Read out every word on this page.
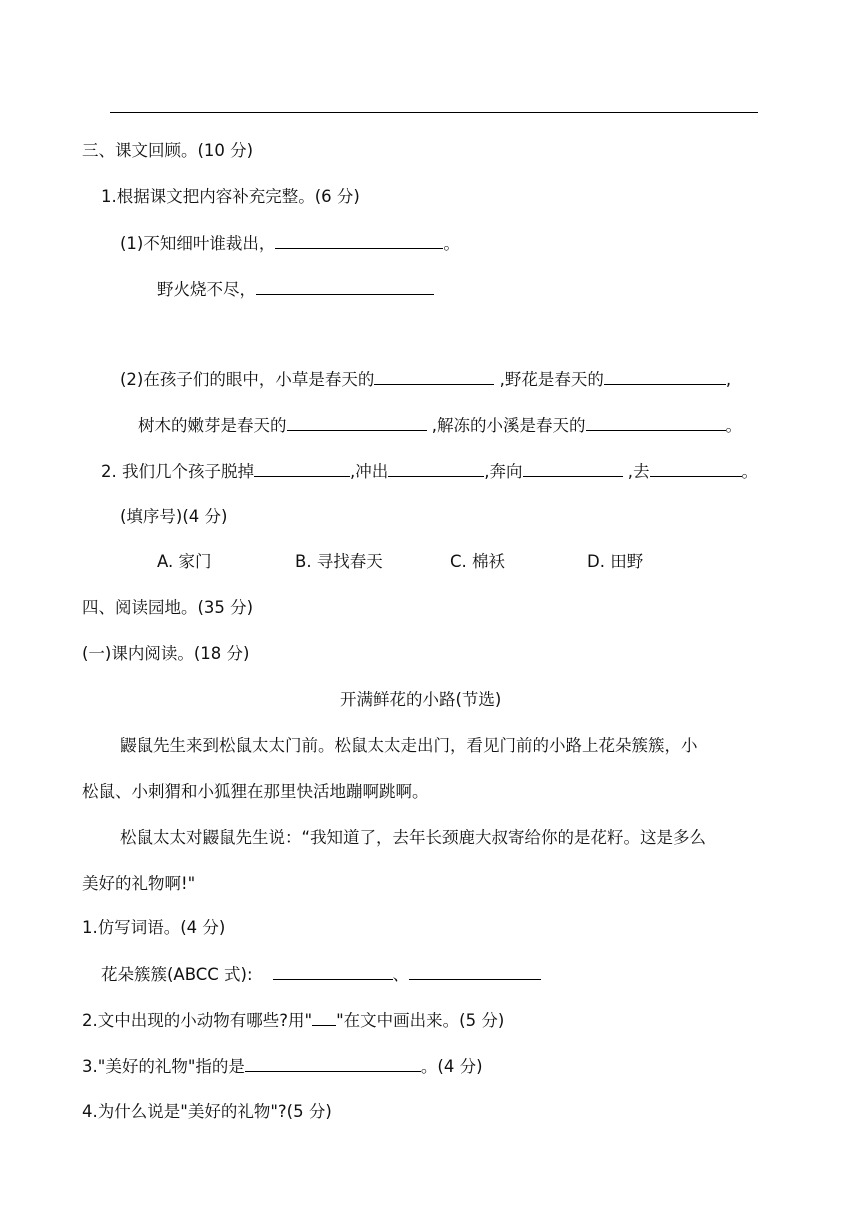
三、课文回顾。(10 分)
1.根据课文把内容补充完整。(6 分)
(1)不知细叶谁裁出，	。
野火烧不尽，
(2)在孩子们的眼中，小草是春天的	,野花是春天的	,
树木的嫩芽是春天的	,解冻的小溪是春天的	。
2. 我们几个孩子脱掉	,冲出	,奔向	,去	。
(填序号)(4 分)
A. 家门	B. 寻找春天	C. 棉袄	D. 田野
四、阅读园地。(35 分)
(一)课内阅读。(18 分)
开满鲜花的小路(节选)
鼹鼠先生来到松鼠太太门前。松鼠太太走出门，看见门前的小路上花朵簇簇，小
松鼠、小刺猬和小狐狸在那里快活地蹦啊跳啊。
松鼠太太对鼹鼠先生说：“我知道了，去年长颈鹿大叔寄给你的是花籽。这是多么
美好的礼物啊!"
1.仿写词语。(4 分)
花朵簇簇(ABCC 式):	、
2.文中出现的小动物有哪些?用" "在文中画出来。(5 分)
3."美好的礼物"指的是	。(4 分)
4.为什么说是"美好的礼物"?(5 分)
